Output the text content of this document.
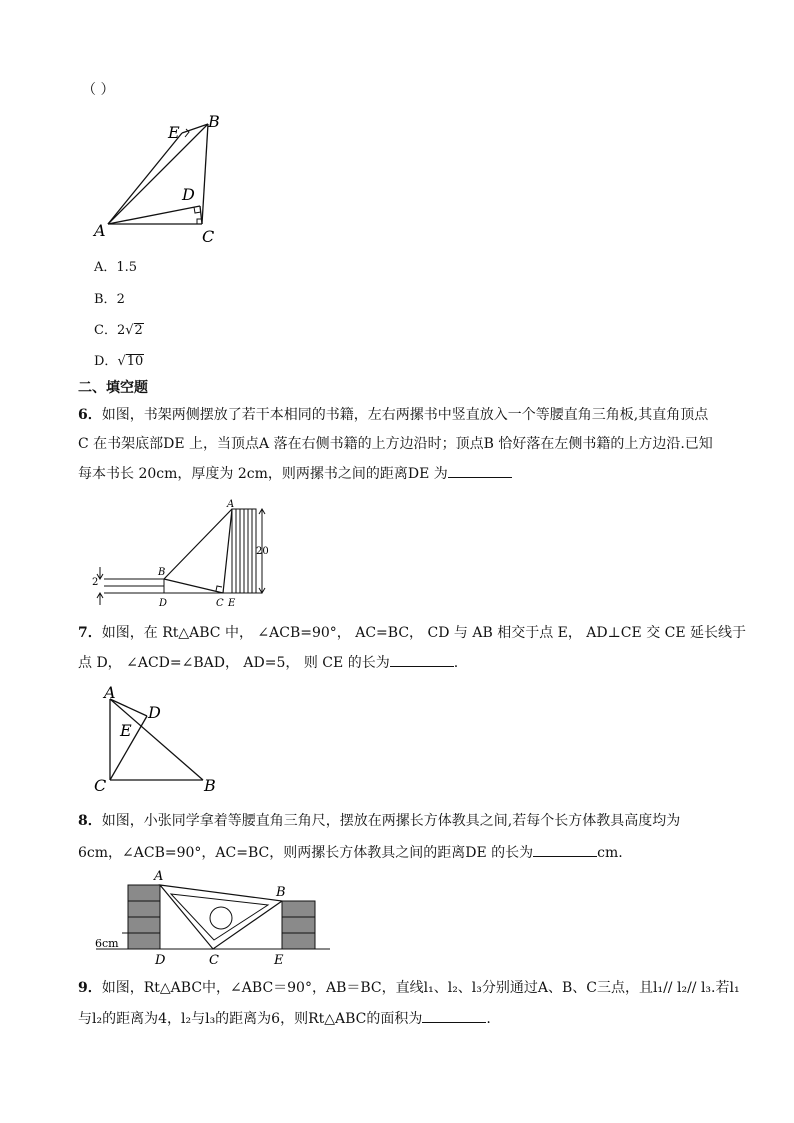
（ ）
A	C
B
E
D
A．1.5
B．2
C．2√2
D．√10
二、填空题
6．如图，书架两侧摆放了若干本相同的书籍，左右两摞书中竖直放入一个等腰直角三角板,其直角顶点
C 在书架底部DE 上，当顶点A 落在右侧书籍的上方边沿时；顶点B 恰好落在左侧书籍的上方边沿.已知
每本书长 20cm，厚度为 2cm，则两摞书之间的距离DE 为
A
B
D	C E
2
20
7．如图，在 Rt△ABC 中， ∠ACB=90°， AC=BC， CD 与 AB 相交于点 E， AD⊥CE 交 CE 延长线于
点 D， ∠ACD=∠BAD， AD=5， 则 CE 的长为	.
A
D
E
C	B
8．如图，小张同学拿着等腰直角三角尺，摆放在两摞长方体教具之间,若每个长方体教具高度均为
6cm，∠ACB=90°，AC=BC，则两摞长方体教具之间的距离DE 的长为	cm.
A
B
D	C	E
6cm
9．如图，Rt△ABC中，∠ABC＝90°，AB＝BC，直线l₁、l₂、l₃分别通过A、B、C三点，且l₁// l₂// l₃.若l₁
与l₂的距离为4，l₂与l₃的距离为6，则Rt△ABC的面积为	.
